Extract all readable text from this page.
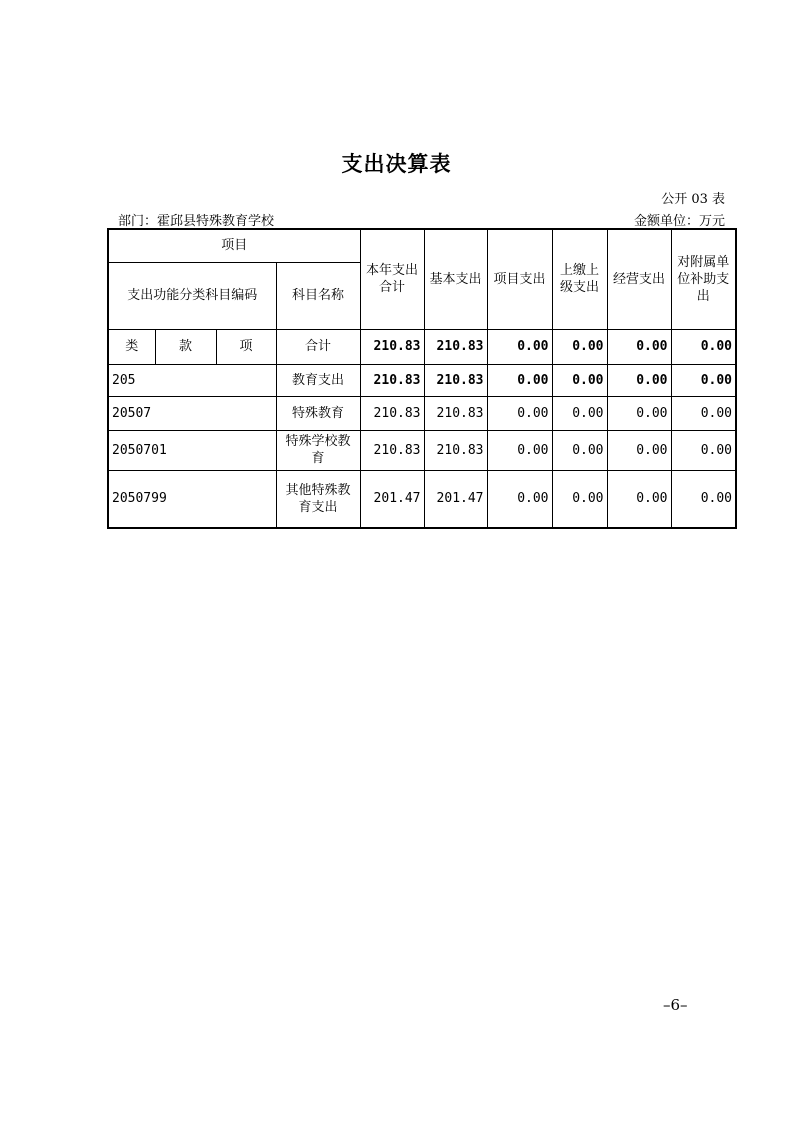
支出决算表
公开 03 表
部门：霍邱县特殊教育学校	金额单位：万元
项目				本年支出合计	基本支出	项目支出	上缴上级支出	经营支出	对附属单位补助支出
支出功能分类科目编码			科目名称						
类	款	项	合计	210.83	210.83	0.00	0.00	0.00	0.00
205			教育支出	210.83	210.83	0.00	0.00	0.00	0.00
20507			特殊教育	210.83	210.83	0.00	0.00	0.00	0.00
2050701			特殊学校教育	210.83	210.83	0.00	0.00	0.00	0.00
2050799			其他特殊教育支出	201.47	201.47	0.00	0.00	0.00	0.00
–6–
